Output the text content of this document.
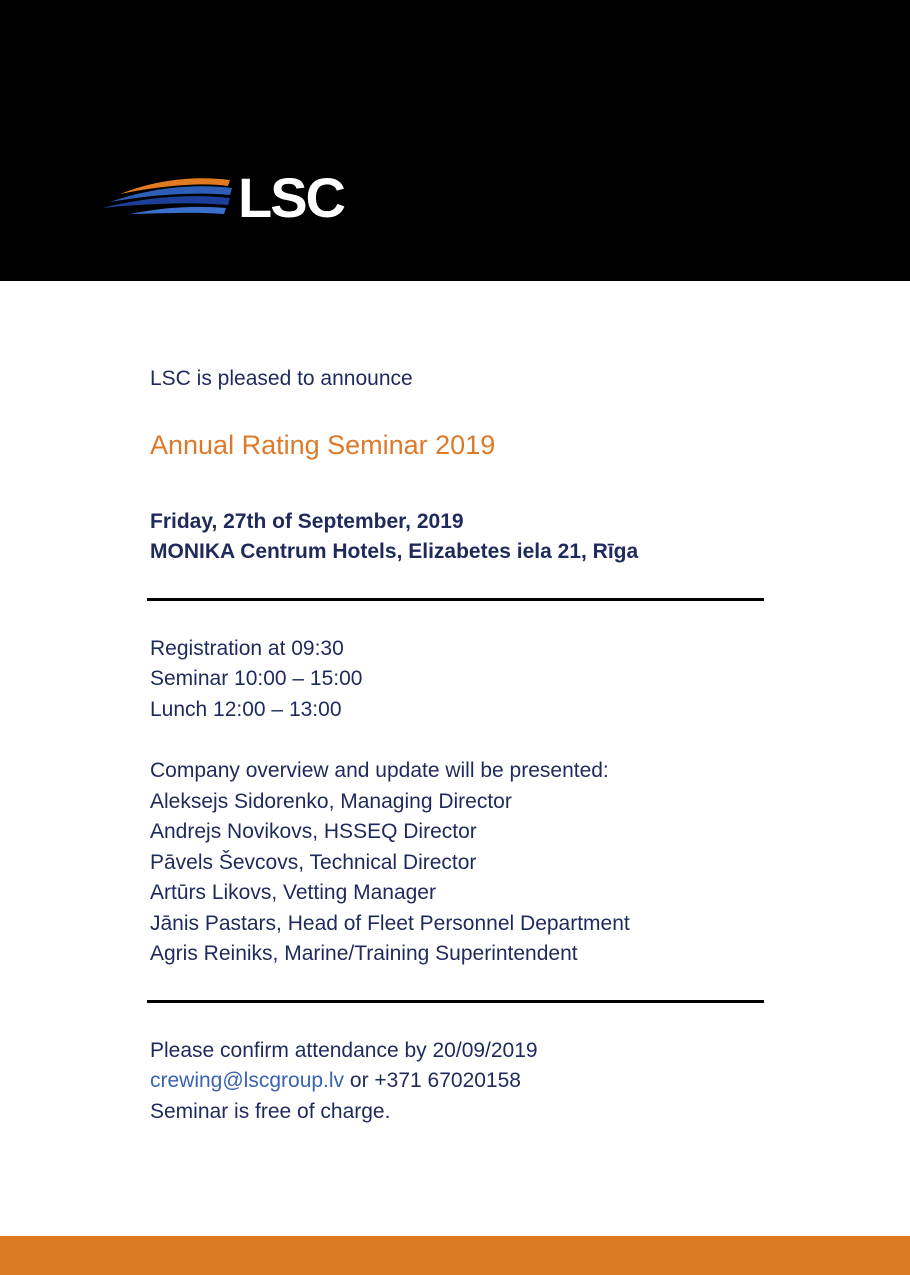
LSC
LSC is pleased to announce
Annual Rating Seminar 2019
Friday, 27th of September, 2019
MONIKA Centrum Hotels, Elizabetes iela 21, Rīga
Registration at 09:30
Seminar 10:00 – 15:00
Lunch 12:00 – 13:00
Company overview and update will be presented:
Aleksejs Sidorenko, Managing Director
Andrejs Novikovs, HSSEQ Director
Pāvels Ševcovs, Technical Director
Artūrs Likovs, Vetting Manager
Jānis Pastars, Head of Fleet Personnel Department
Agris Reiniks, Marine/Training Superintendent
Please confirm attendance by 20/09/2019
crewing@lscgroup.lv or +371 67020158
Seminar is free of charge.
